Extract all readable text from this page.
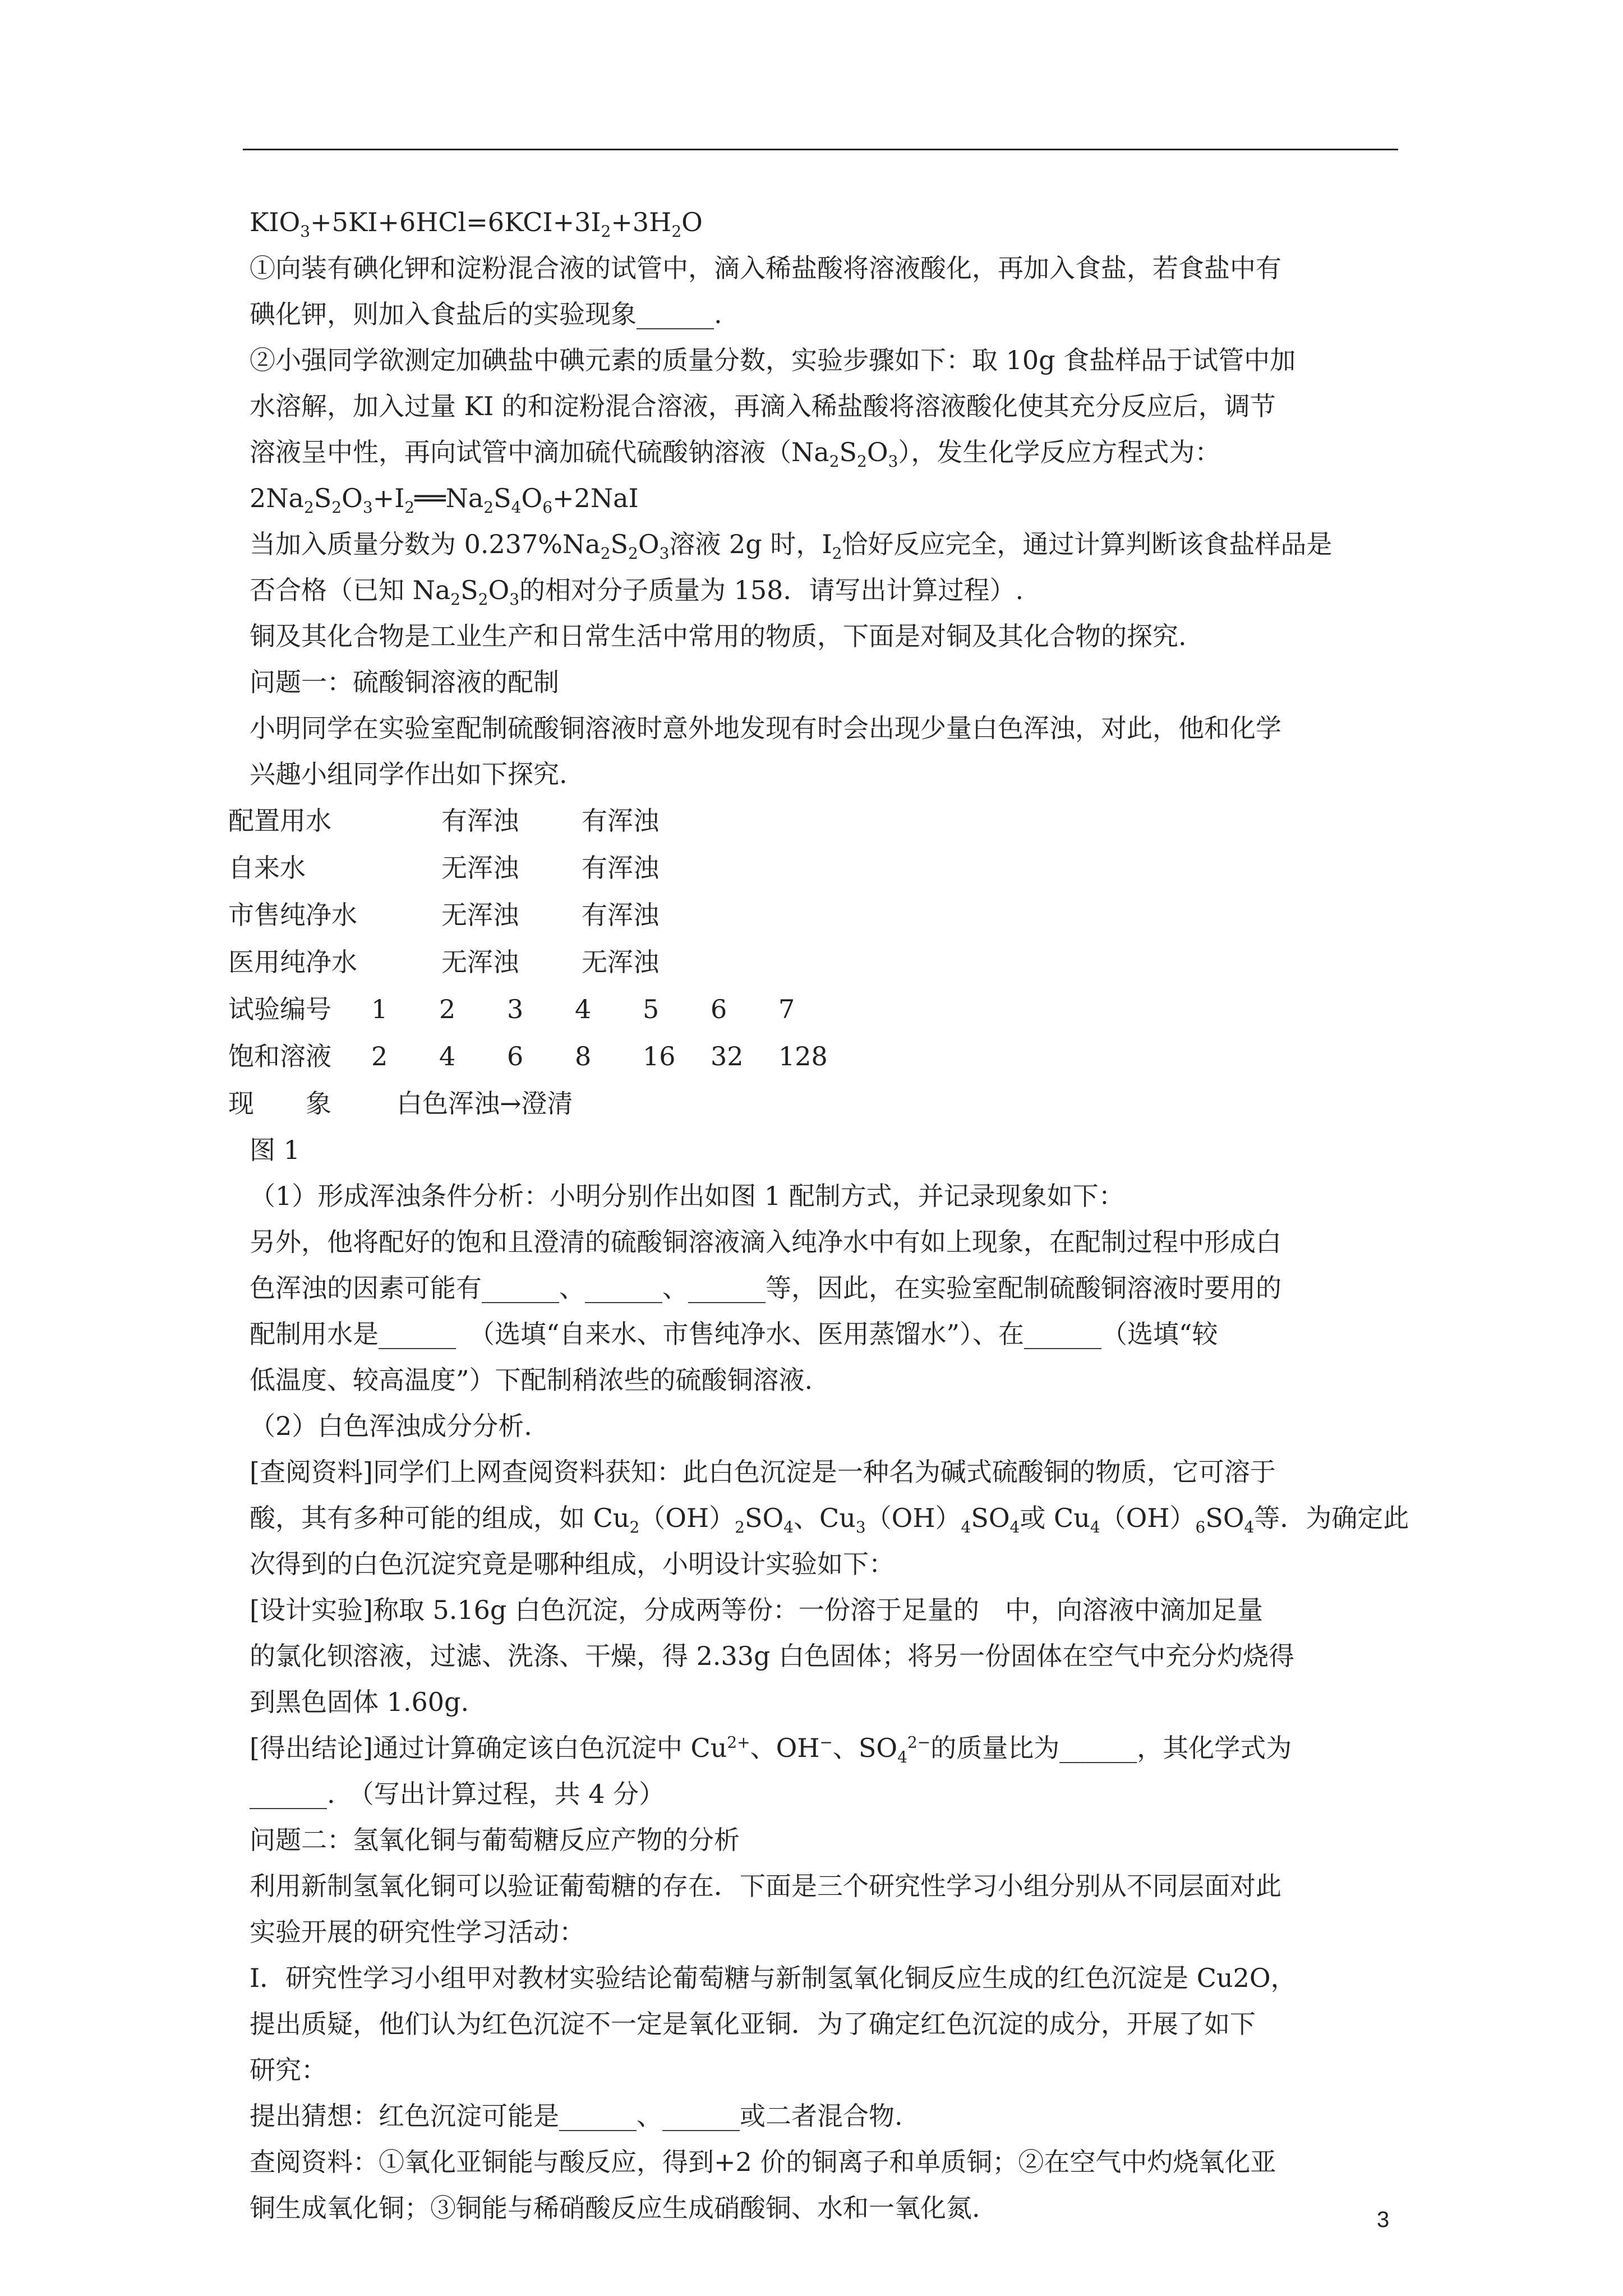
$KIO_3+5KI+6HCl=6KCI+3I_2+3H_2O$
①向装有碘化钾和淀粉混合液的试管中，滴入稀盐酸将溶液酸化，再加入食盐，若食盐中有
碘化钾，则加入食盐后的实验现象______.
②小强同学欲测定加碘盐中碘元素的质量分数，实验步骤如下：取 10g 食盐样品于试管中加
水溶解，加入过量 KI 的和淀粉混合溶液，再滴入稀盐酸将溶液酸化使其充分反应后，调节
溶液呈中性，再向试管中滴加硫代硫酸钠溶液$(Na_2S_2O_3)$，发生化学反应方程式为：
$2Na_2S_2O_3+I_2══Na_2S_4O_6+2NaI$
当加入质量分数为 $0.237\%Na_2S_2O_3$溶液 2g 时，$I_2$恰好反应完全，通过计算判断该食盐样品是
否合格（已知 $Na_2S_2O_3$的相对分子质量为 158．请写出计算过程）.
铜及其化合物是工业生产和日常生活中常用的物质，下面是对铜及其化合物的探究.
问题一：硫酸铜溶液的配制
小明同学在实验室配制硫酸铜溶液时意外地发现有时会出现少量白色浑浊，对此，他和化学
兴趣小组同学作出如下探究.
配置用水	有浑浊 有浑浊
自来水	无浑浊 有浑浊
市售纯净水	无浑浊 有浑浊
医用纯净水	无浑浊 无浑浊
试验编号 1 2 3 4 5 6 7
饱和溶液 2 4 6 8 16 32 128
现　　象	白色浑浊→澄清
图 1
（1）形成浑浊条件分析：小明分别作出如图 1 配制方式，并记录现象如下：
另外，他将配好的饱和且澄清的硫酸铜溶液滴入纯净水中有如上现象，在配制过程中形成白
色浑浊的因素可能有______、______、______等，因此，在实验室配制硫酸铜溶液时要用的
配制用水是______　（选填“自来水、市售纯净水、医用蒸馏水”）、在______（选填“较
低温度、较高温度”）下配制稍浓些的硫酸铜溶液.
（2）白色浑浊成分分析.
[查阅资料]同学们上网查阅资料获知：此白色沉淀是一种名为碱式硫酸铜的物质，它可溶于
酸，其有多种可能的组成，如 $Cu_2(OH)_2SO_4$、$Cu_3(OH)_4SO_4$或 $Cu_4(OH)_6SO_4$等．为确定此
次得到的白色沉淀究竟是哪种组成，小明设计实验如下：
[设计实验]称取 5.16g 白色沉淀，分成两等份：一份溶于足量的　中，向溶液中滴加足量
的氯化钡溶液，过滤、洗涤、干燥，得 2.33g 白色固体；将另一份固体在空气中充分灼烧得
到黑色固体 1.60g.
[得出结论]通过计算确定该白色沉淀中 $Cu^{2+}$、OH−、$SO_4^{2-}$的质量比为______，其化学式为
______.　（写出计算过程，共 4 分）
问题二：氢氧化铜与葡萄糖反应产物的分析
利用新制氢氧化铜可以验证葡萄糖的存在．下面是三个研究性学习小组分别从不同层面对此
实验开展的研究性学习活动：
Ⅰ．研究性学习小组甲对教材实验结论葡萄糖与新制氢氧化铜反应生成的红色沉淀是 Cu2O，
提出质疑，他们认为红色沉淀不一定是氧化亚铜．为了确定红色沉淀的成分，开展了如下
研究：
提出猜想：红色沉淀可能是______、______或二者混合物.
查阅资料：①氧化亚铜能与酸反应，得到+2 价的铜离子和单质铜；②在空气中灼烧氧化亚
铜生成氧化铜；③铜能与稀硝酸反应生成硝酸铜、水和一氧化氮.	3
